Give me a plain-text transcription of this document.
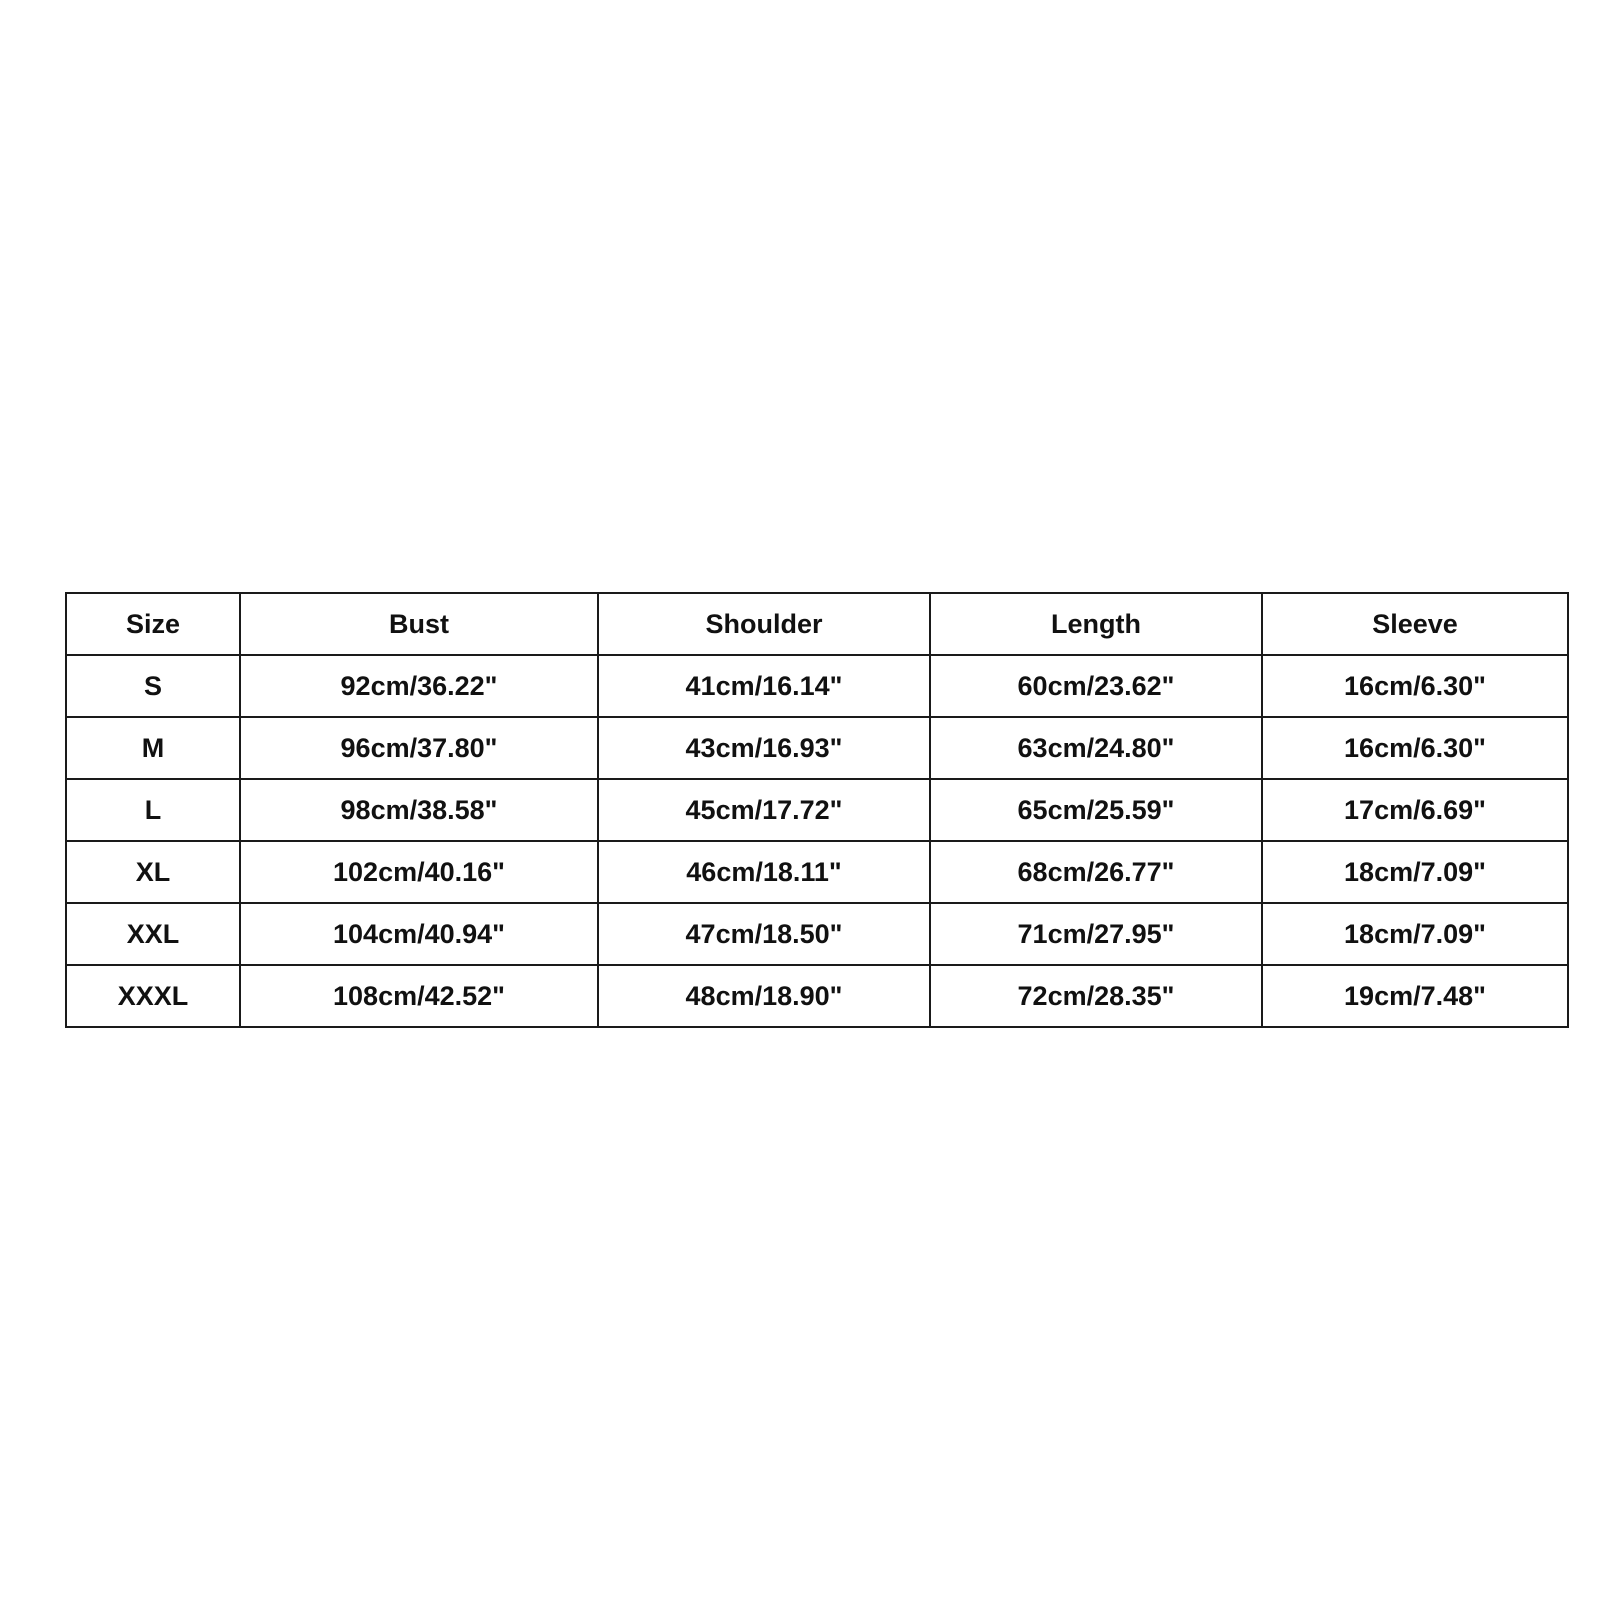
Size	Bust	Shoulder	Length	Sleeve
S	92cm/36.22"	41cm/16.14"	60cm/23.62"	16cm/6.30"
M	96cm/37.80"	43cm/16.93"	63cm/24.80"	16cm/6.30"
L	98cm/38.58"	45cm/17.72"	65cm/25.59"	17cm/6.69"
XL	102cm/40.16"	46cm/18.11"	68cm/26.77"	18cm/7.09"
XXL	104cm/40.94"	47cm/18.50"	71cm/27.95"	18cm/7.09"
XXXL	108cm/42.52"	48cm/18.90"	72cm/28.35"	19cm/7.48"
